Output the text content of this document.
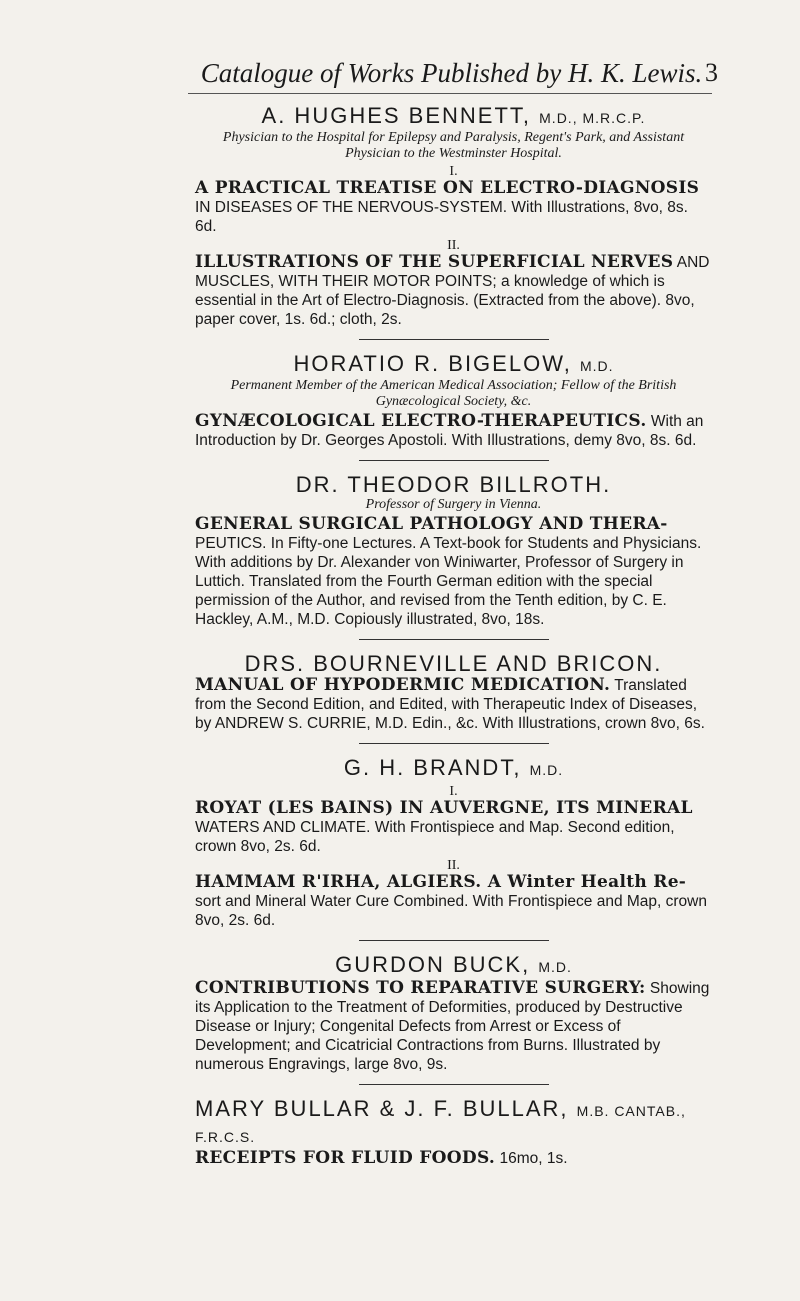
Catalogue of Works Published by H. K. Lewis. 3

A. HUGHES BENNETT, M.D., M.R.C.P.

Physician to the Hospital for Epilepsy and Paralysis, Regent's Park, and Assistant Physician to the Westminster Hospital.

I.

A PRACTICAL TREATISE ON ELECTRO-DIAGNOSIS IN DISEASES OF THE NERVOUS-SYSTEM. With Illustrations, 8vo, 8s. 6d.

II.

ILLUSTRATIONS OF THE SUPERFICIAL NERVES AND MUSCLES, WITH THEIR MOTOR POINTS; a knowledge of which is essential in the Art of Electro-Diagnosis. (Extracted from the above). 8vo, paper cover, 1s. 6d.; cloth, 2s.

HORATIO R. BIGELOW, M.D.

Permanent Member of the American Medical Association; Fellow of the British Gynæcological Society, &c.

GYNÆCOLOGICAL ELECTRO-THERAPEUTICS. With an Introduction by Dr. Georges Apostoli. With Illustrations, demy 8vo, 8s. 6d.

DR. THEODOR BILLROTH.

Professor of Surgery in Vienna.

GENERAL SURGICAL PATHOLOGY AND THERA- PEUTICS. In Fifty-one Lectures. A Text-book for Students and Physicians. With additions by Dr. Alexander von Winiwarter, Professor of Surgery in Luttich. Translated from the Fourth German edition with the special permission of the Author, and revised from the Tenth edition, by C. E. Hackley, A.M., M.D. Copiously illustrated, 8vo, 18s.

DRS. BOURNEVILLE AND BRICON.

MANUAL OF HYPODERMIC MEDICATION. Translated from the Second Edition, and Edited, with Therapeutic Index of Diseases, by ANDREW S. CURRIE, M.D. Edin., &c. With Illustrations, crown 8vo, 6s.

G. H. BRANDT, M.D.

I.

ROYAT (LES BAINS) IN AUVERGNE, ITS MINERAL WATERS AND CLIMATE. With Frontispiece and Map. Second edition, crown 8vo, 2s. 6d.

II.

HAMMAM R'IRHA, ALGIERS. A Winter Health Re- sort and Mineral Water Cure Combined. With Frontispiece and Map, crown 8vo, 2s. 6d.

GURDON BUCK, M.D.

CONTRIBUTIONS TO REPARATIVE SURGERY: Showing its Application to the Treatment of Deformities, produced by Destructive Disease or Injury; Congenital Defects from Arrest or Excess of Development; and Cicatricial Contractions from Burns. Illustrated by numerous Engravings, large 8vo, 9s.

MARY BULLAR & J. F. BULLAR, M.B. CANTAB., F.R.C.S.

RECEIPTS FOR FLUID FOODS. 16mo, 1s.
